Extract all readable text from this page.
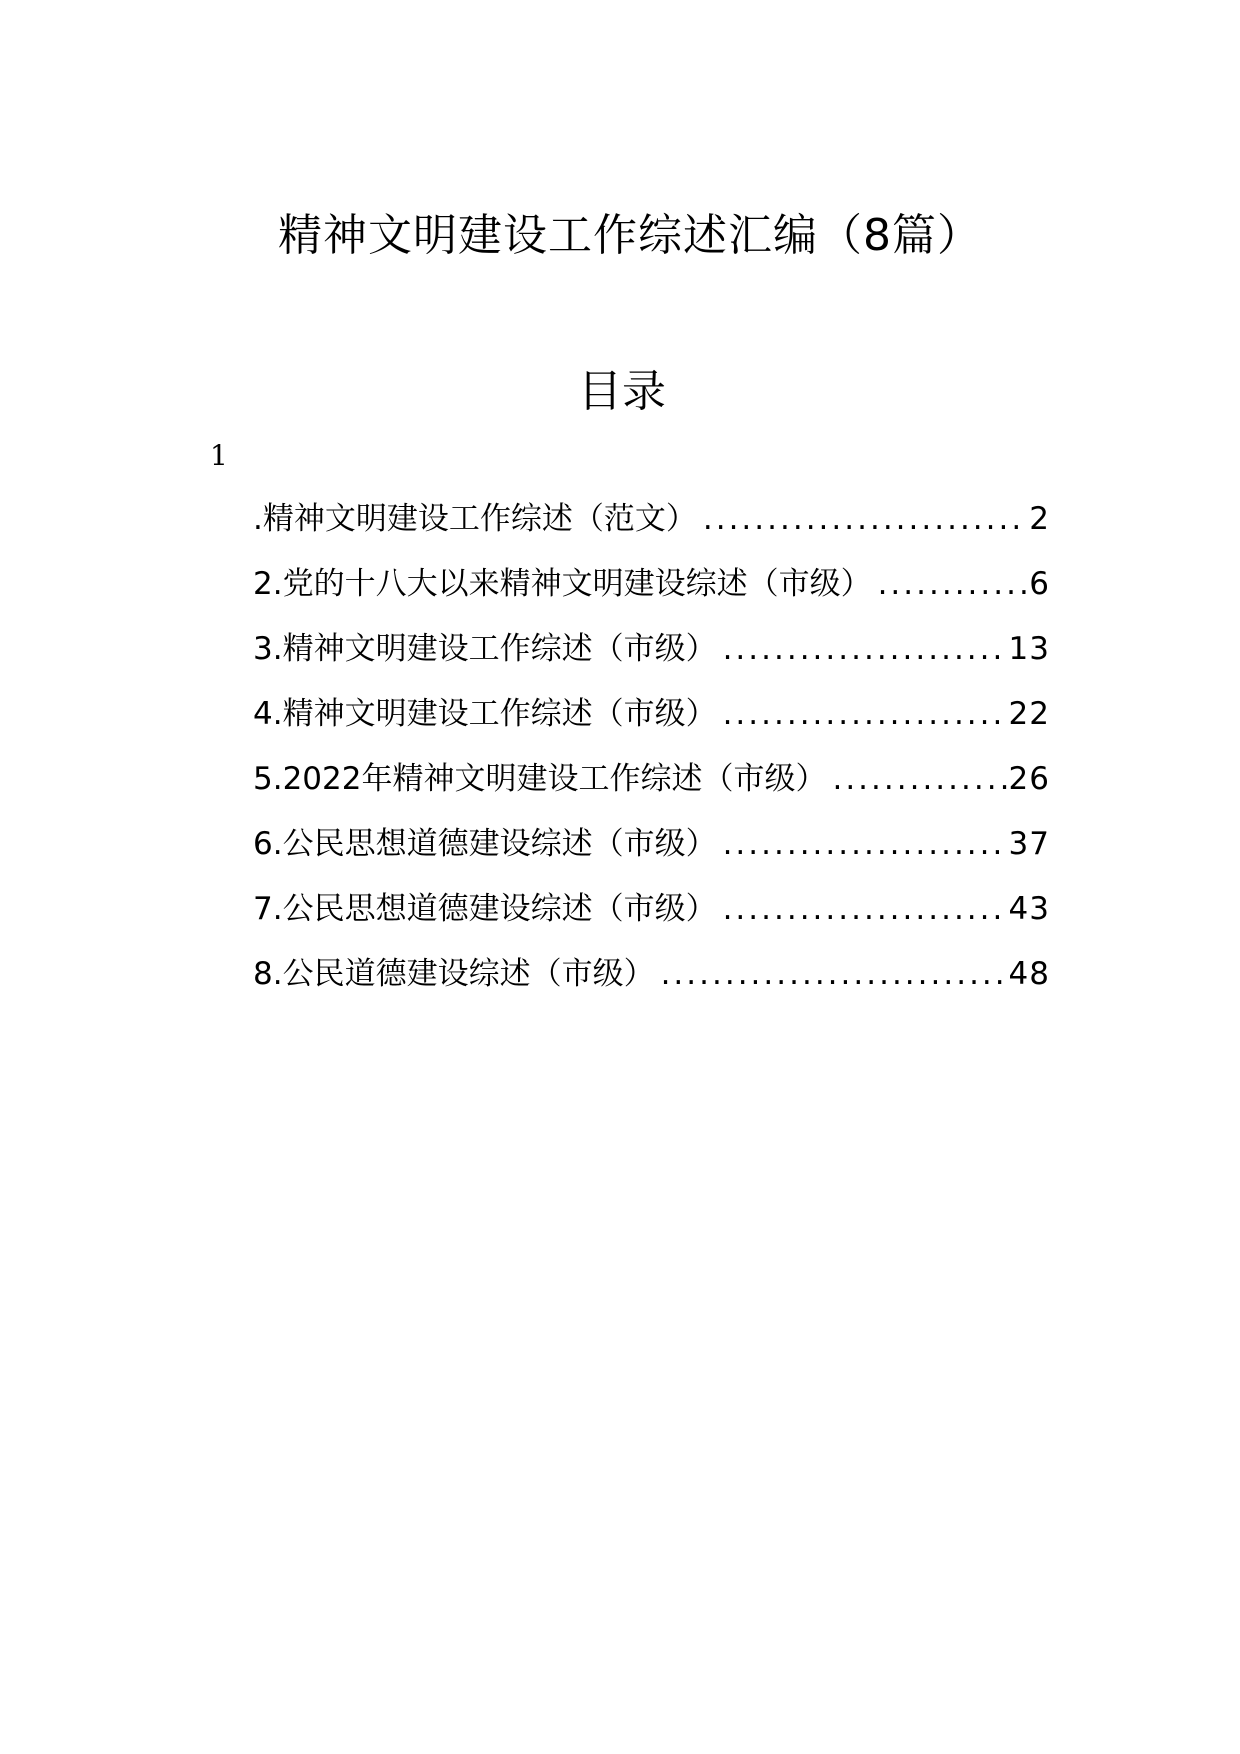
精神文明建设工作综述汇编（8篇）
目录
1
.精神文明建设工作综述（范文） .....	2
2.党的十八大以来精神文明建设综述（市级） .....	6
3.精神文明建设工作综述（市级） .....	13
4.精神文明建设工作综述（市级） .....	22
5.2022年精神文明建设工作综述（市级） .....	26
6.公民思想道德建设综述（市级） .....	37
7.公民思想道德建设综述（市级） .....	43
8.公民道德建设综述（市级） .....	48
